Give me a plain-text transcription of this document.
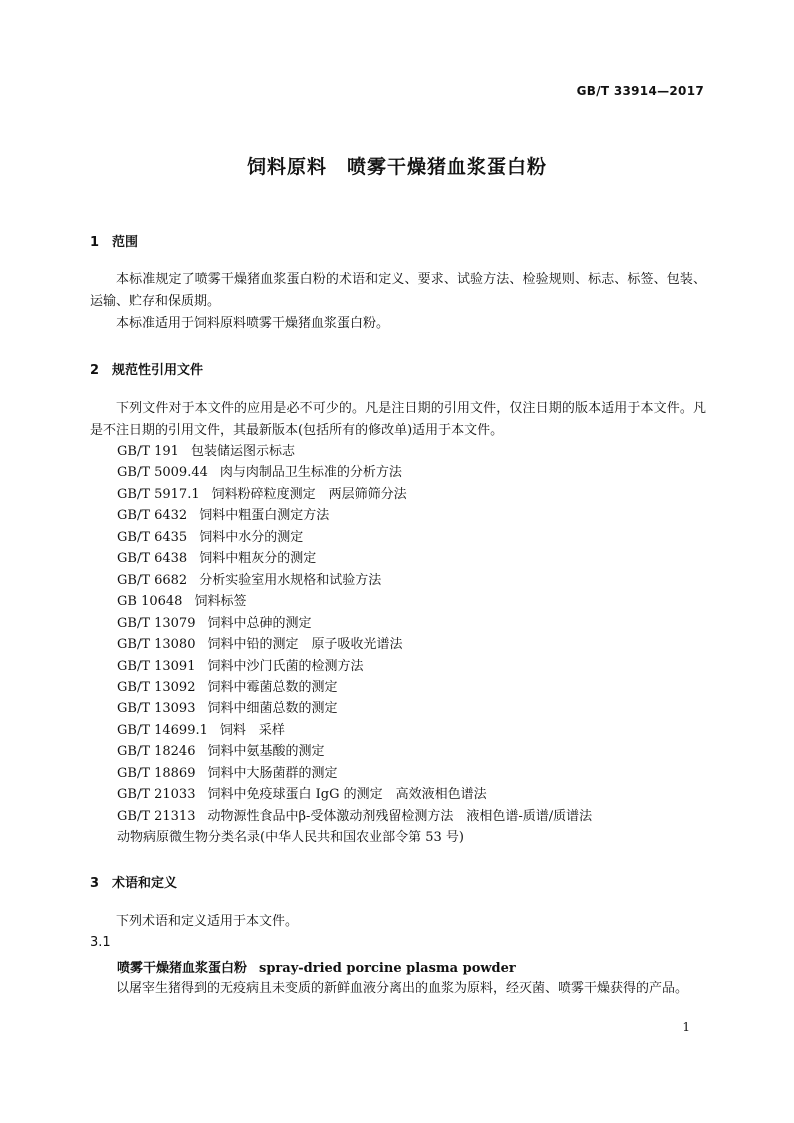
GB/T 33914—2017
饲料原料　喷雾干燥猪血浆蛋白粉
1 范围

本标准规定了喷雾干燥猪血浆蛋白粉的术语和定义、要求、试验方法、检验规则、标志、标签、包装、运输、贮存和保质期。

本标准适用于饲料原料喷雾干燥猪血浆蛋白粉。

2 规范性引用文件

下列文件对于本文件的应用是必不可少的。凡是注日期的引用文件，仅注日期的版本适用于本文件。凡是不注日期的引用文件，其最新版本(包括所有的修改单)适用于本文件。

GB/T 191 包装储运图示标志
GB/T 5009.44 肉与肉制品卫生标准的分析方法
GB/T 5917.1 饲料粉碎粒度测定　两层筛筛分法
GB/T 6432 饲料中粗蛋白测定方法
GB/T 6435 饲料中水分的测定
GB/T 6438 饲料中粗灰分的测定
GB/T 6682 分析实验室用水规格和试验方法
GB 10648 饲料标签
GB/T 13079 饲料中总砷的测定
GB/T 13080 饲料中铅的测定　原子吸收光谱法
GB/T 13091 饲料中沙门氏菌的检测方法
GB/T 13092 饲料中霉菌总数的测定
GB/T 13093 饲料中细菌总数的测定
GB/T 14699.1 饲料　采样
GB/T 18246 饲料中氨基酸的测定
GB/T 18869 饲料中大肠菌群的测定
GB/T 21033 饲料中免疫球蛋白 IgG 的测定　高效液相色谱法
GB/T 21313 动物源性食品中β-受体激动剂残留检测方法　液相色谱-质谱/质谱法
动物病原微生物分类名录(中华人民共和国农业部令第 53 号)
3 术语和定义

下列术语和定义适用于本文件。

3.1
喷雾干燥猪血浆蛋白粉 spray-dried porcine plasma powder

以屠宰生猪得到的无疫病且未变质的新鲜血液分离出的血浆为原料，经灭菌、喷雾干燥获得的产品。

1
